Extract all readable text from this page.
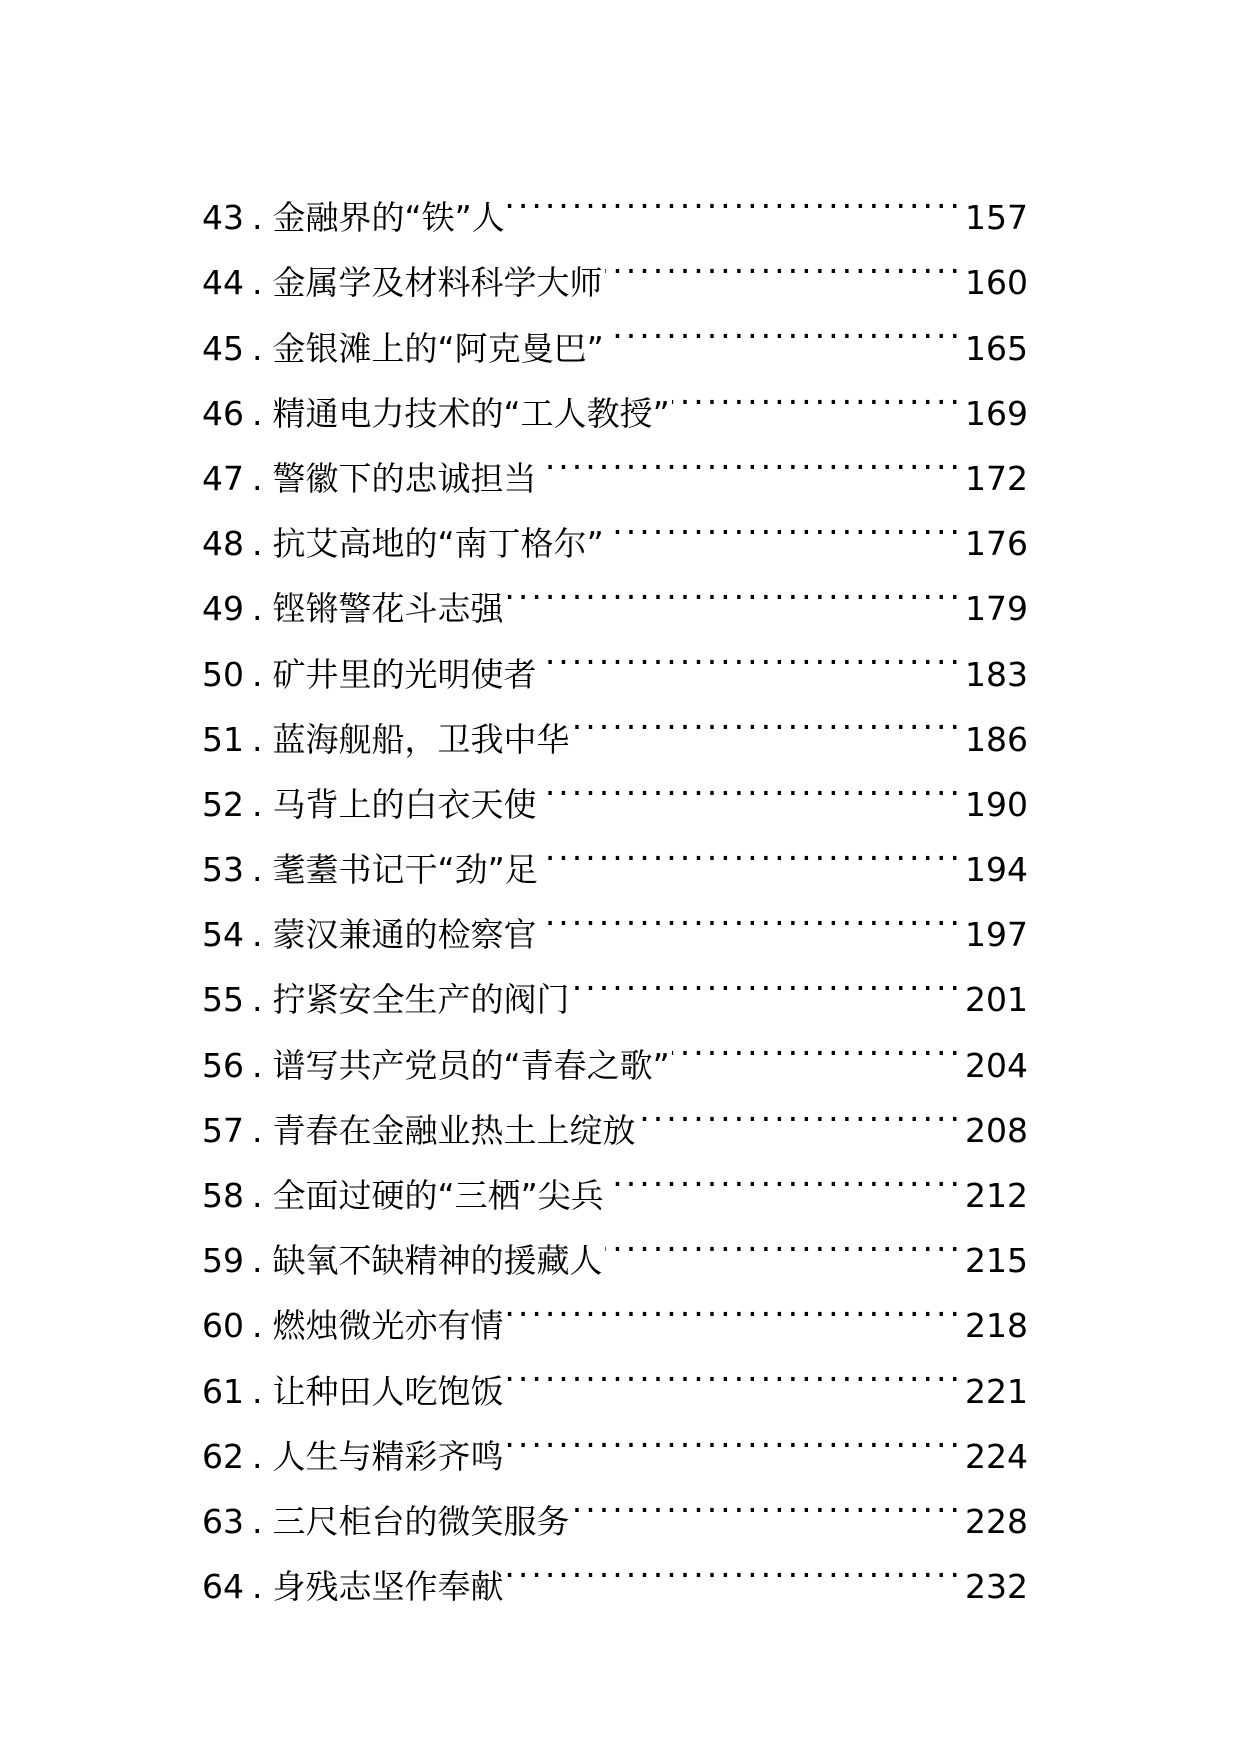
43 . 金融界的“铁”人 .....	157
44 . 金属学及材料科学大师 .....	160
45 . 金银滩上的“阿克曼巴” .....	165
46 . 精通电力技术的“工人教授” .....	169
47 . 警徽下的忠诚担当 .....	172
48 . 抗艾高地的“南丁格尔” .....	176
49 . 铿锵警花斗志强 .....	179
50 . 矿井里的光明使者 .....	183
51 . 蓝海舰船，卫我中华 .....	186
52 . 马背上的白衣天使 .....	190
53 . 耄耋书记干“劲”足 .....	194
54 . 蒙汉兼通的检察官 .....	197
55 . 拧紧安全生产的阀门 .....	201
56 . 谱写共产党员的“青春之歌” .....	204
57 . 青春在金融业热土上绽放 .....	208
58 . 全面过硬的“三栖”尖兵 .....	212
59 . 缺氧不缺精神的援藏人 .....	215
60 . 燃烛微光亦有情 .....	218
61 . 让种田人吃饱饭 .....	221
62 . 人生与精彩齐鸣 .....	224
63 . 三尺柜台的微笑服务 .....	228
64 . 身残志坚作奉献 .....	232
